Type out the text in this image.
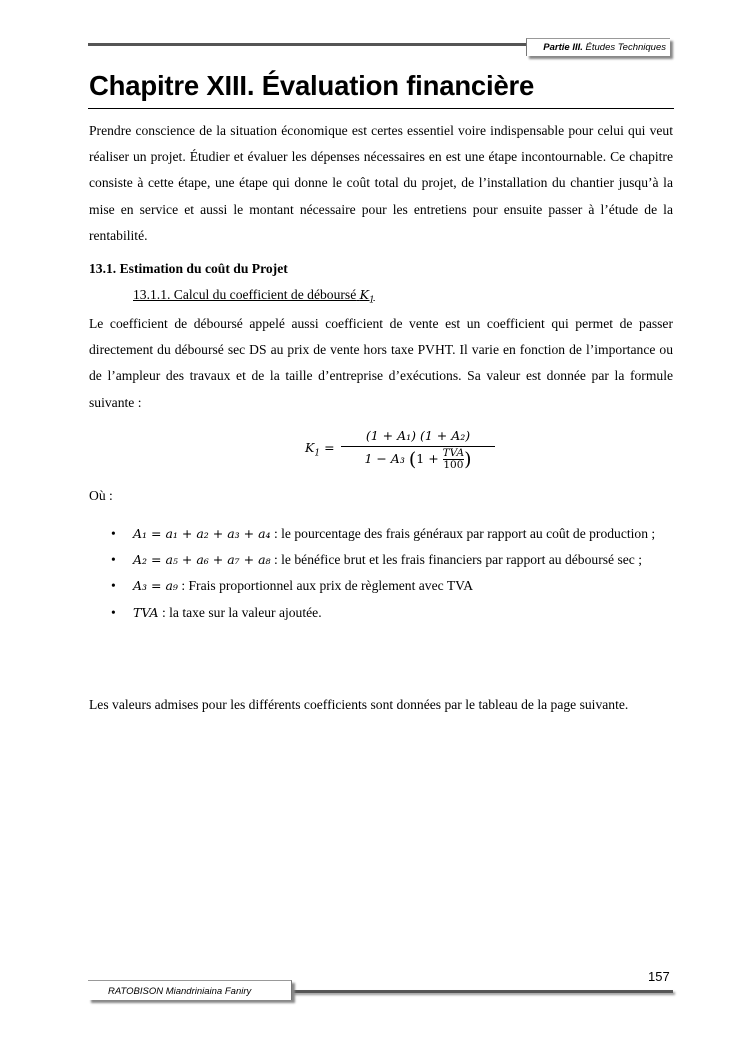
Partie III. Études Techniques
Chapitre XIII. Évaluation financière

Prendre conscience de la situation économique est certes essentiel voire indispensable pour celui qui veut réaliser un projet. Étudier et évaluer les dépenses nécessaires en est une étape incontournable. Ce chapitre consiste à cette étape, une étape qui donne le coût total du projet, de l’installation du chantier jusqu’à la mise en service et aussi le montant nécessaire pour les entretiens pour ensuite passer à l’étude de la rentabilité.

13.1. Estimation du coût du Projet
13.1.1. Calcul du coefficient de déboursé $K_1$

Le coefficient de déboursé appelé aussi coefficient de vente est un coefficient qui permet de passer directement du déboursé sec DS au prix de vente hors taxe PVHT. Il varie en fonction de l’importance ou de l’ampleur des travaux et de la taille d’entreprise d’exécutions. Sa valeur est donnée par la formule suivante :

$K_1$ =
(1 + A₁) (1 + A₂)
1 − A₃ (1 + TVA
100)
Où :
• A₁ = a₁ + a₂ + a₃ + a₄ : le pourcentage des frais généraux par rapport au coût de production ;
• A₂ = a₅ + a₆ + a₇ + a₈ : le bénéfice brut et les frais financiers par rapport au déboursé sec ;
• A₃ = a₉ : Frais proportionnel aux prix de règlement avec TVA
• TVA : la taxe sur la valeur ajoutée.

Les valeurs admises pour les différents coefficients sont données par le tableau de la page suivante.

157
RATOBISON Miandriniaina Faniry
